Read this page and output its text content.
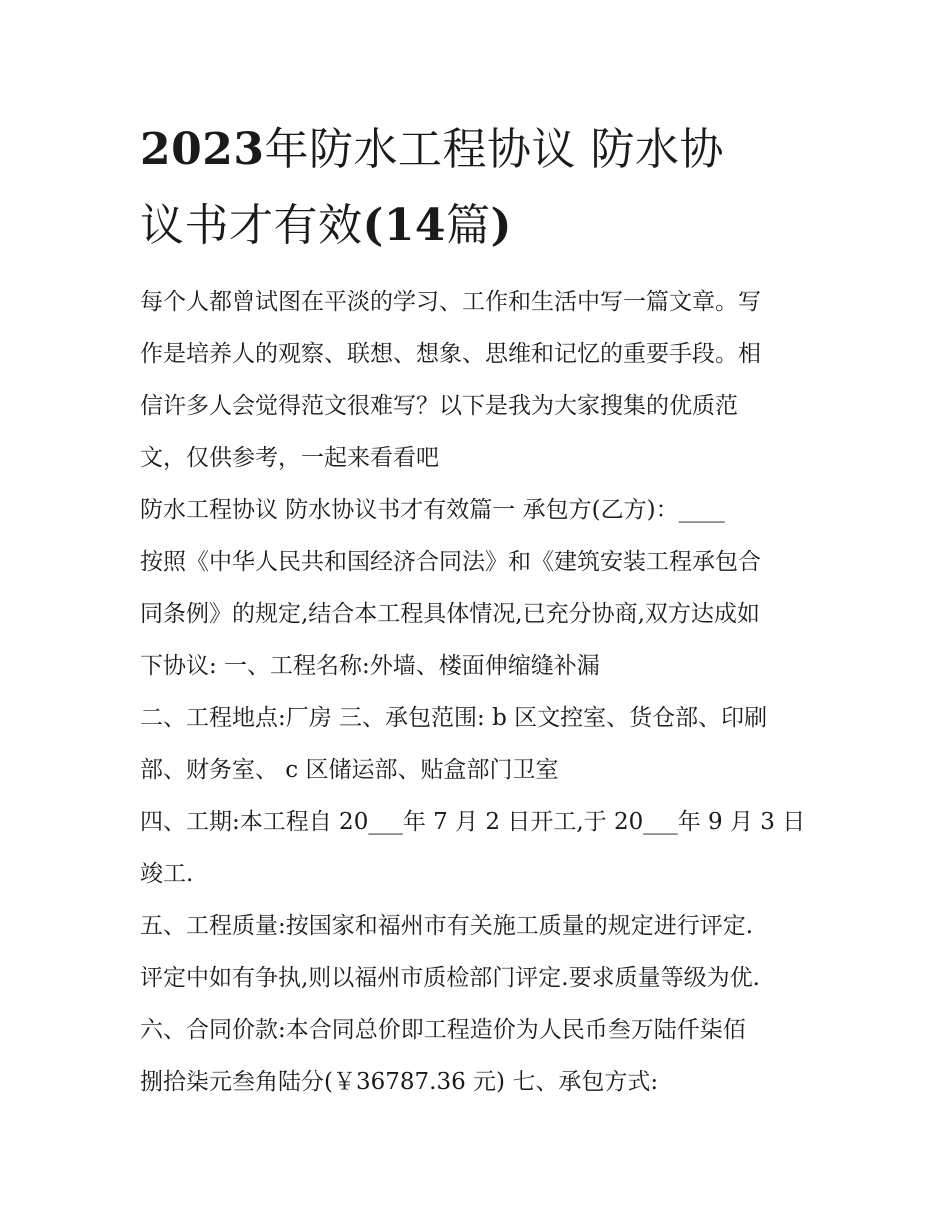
2023年防水工程协议 防水协
议书才有效(14篇)
每个人都曾试图在平淡的学习、工作和生活中写一篇文章。写
作是培养人的观察、联想、想象、思维和记忆的重要手段。相
信许多人会觉得范文很难写？以下是我为大家搜集的优质范
文，仅供参考，一起来看看吧
防水工程协议 防水协议书才有效篇一 承包方(乙方)：____
按照《中华人民共和国经济合同法》和《建筑安装工程承包合
同条例》的规定,结合本工程具体情况,已充分协商,双方达成如
下协议: 一、工程名称:外墙、楼面伸缩缝补漏
二、工程地点:厂房 三、承包范围: b 区文控室、货仓部、印刷
部、财务室、 c 区储运部、贴盒部门卫室
四、工期:本工程自 20___年 7 月 2 日开工,于 20___年 9 月 3 日
竣工.
五、工程质量:按国家和福州市有关施工质量的规定进行评定.
评定中如有争执,则以福州市质检部门评定.要求质量等级为优.
六、合同价款:本合同总价即工程造价为人民币叁万陆仟柒佰
捌拾柒元叁角陆分(￥36787.36 元) 七、承包方式:
